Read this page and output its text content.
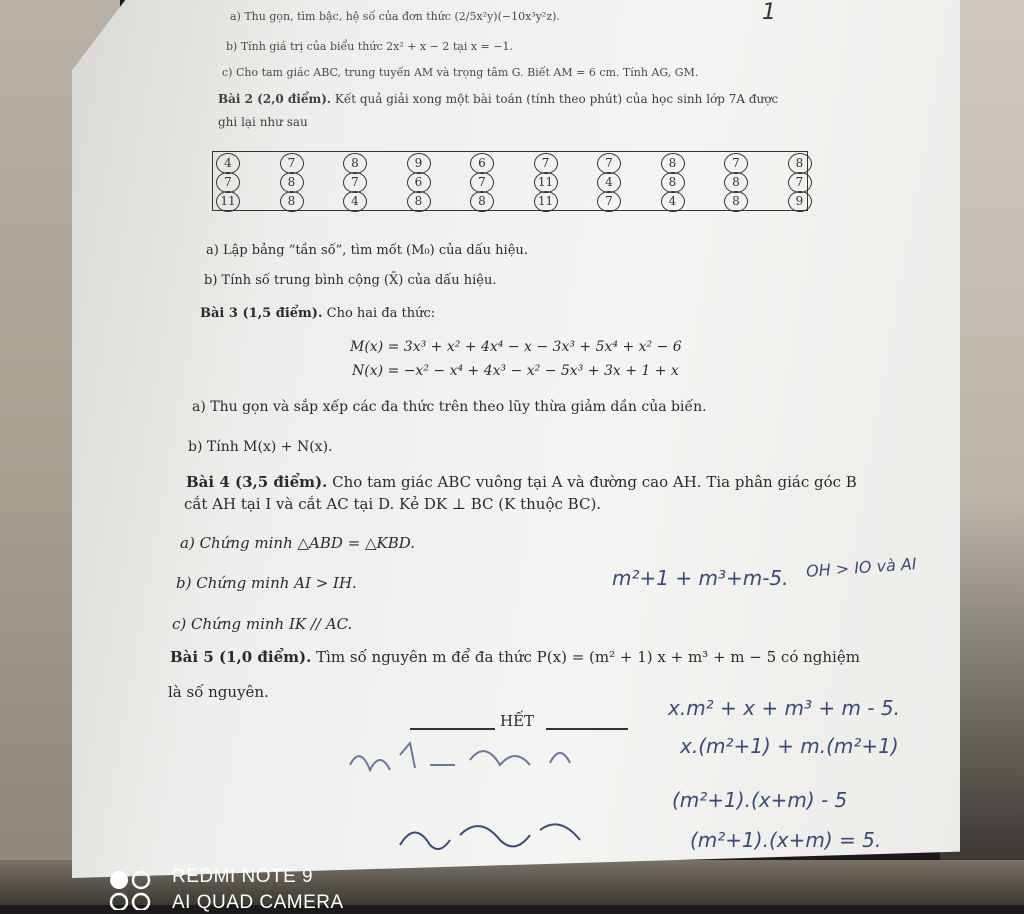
a) Thu gọn, tìm bậc, hệ số của đơn thức (2/5x²y)(−10x³y²z).
b) Tính giá trị của biểu thức 2x² + x − 2 tại x = −1.
c) Cho tam giác ABC, trung tuyến AM và trọng tâm G. Biết AM = 6 cm. Tính AG, GM.
Bài 2 (2,0 điểm). Kết quả giải xong một bài toán (tính theo phút) của học sinh lớp 7A được
ghi lại như sau
4	7	8	9	6	7	7	8	7	8
7	8	7	6	7	11	4	8	8	7
11	8	4	8	8	11	7	4	8	9
a) Lập bảng “tần số”, tìm mốt (M₀) của dấu hiệu.
b) Tính số trung bình cộng (X̄) của dấu hiệu.
Bài 3 (1,5 điểm). Cho hai đa thức:
M(x) = 3x³ + x² + 4x⁴ − x − 3x³ + 5x⁴ + x² − 6
N(x) = −x² − x⁴ + 4x³ − x² − 5x³ + 3x + 1 + x
a) Thu gọn và sắp xếp các đa thức trên theo lũy thừa giảm dần của biến.
b) Tính M(x) + N(x).
Bài 4 (3,5 điểm). Cho tam giác ABC vuông tại A và đường cao AH. Tia phân giác góc B
cắt AH tại I và cắt AC tại D. Kẻ DK ⊥ BC (K thuộc BC).
a) Chứng minh △ABD = △KBD.
b) Chứng minh AI > IH.
c) Chứng minh IK // AC.
Bài 5 (1,0 điểm). Tìm số nguyên m để đa thức P(x) = (m² + 1) x + m³ + m − 5 có nghiệm
là số nguyên.
HẾT
1
m²+1 + m³+m-5. OH > IO và AI
x.m² + x + m³ + m - 5.
x.(m²+1) + m.(m²+1)
(m²+1).(x+m) - 5
(m²+1).(x+m) = 5.
REDMI NOTE 9
AI QUAD CAMERA
